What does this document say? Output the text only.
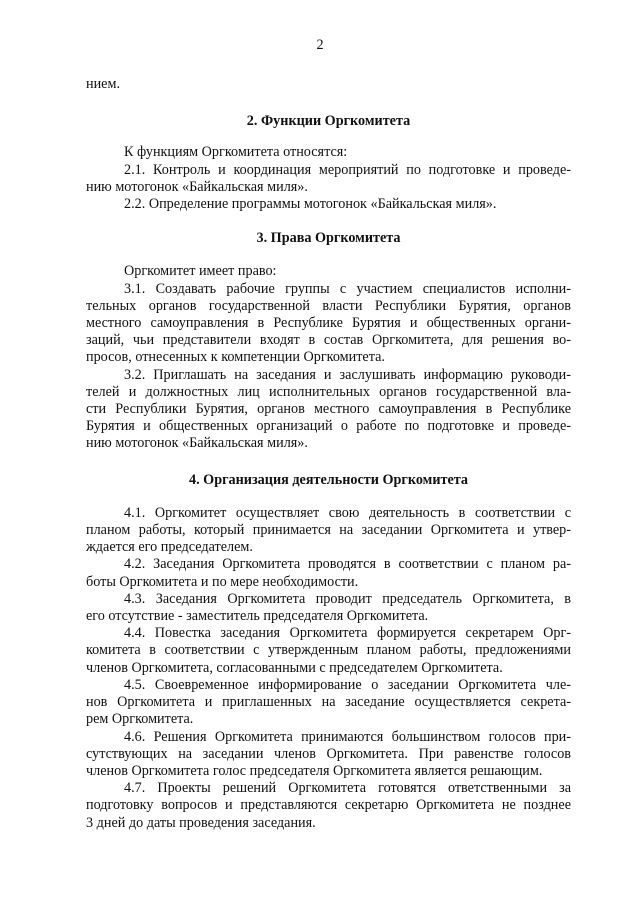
2

нием.

2. Функции Оргкомитета

К функциям Оргкомитета относятся:

2.1. Контроль и координация мероприятий по подготовке и проведе-

нию мотогонок «Байкальская миля».

2.2. Определение программы мотогонок «Байкальская миля».

3. Права Оргкомитета

Оргкомитет имеет право:

3.1. Создавать рабочие группы с участием специалистов исполни-

тельных органов государственной власти Республики Бурятия, органов

местного самоуправления в Республике Бурятия и общественных органи-

заций, чьи представители входят в состав Оргкомитета, для решения во-

просов, отнесенных к компетенции Оргкомитета.

3.2. Приглашать на заседания и заслушивать информацию руководи-

телей и должностных лиц исполнительных органов государственной вла-

сти Республики Бурятия, органов местного самоуправления в Республике

Бурятия и общественных организаций о работе по подготовке и проведе-

нию мотогонок «Байкальская миля».

4. Организация деятельности Оргкомитета

4.1. Оргкомитет осуществляет свою деятельность в соответствии с

планом работы, который принимается на заседании Оргкомитета и утвер-

ждается его председателем.

4.2. Заседания Оргкомитета проводятся в соответствии с планом ра-

боты Оргкомитета и по мере необходимости.

4.3. Заседания Оргкомитета проводит председатель Оргкомитета, в

его отсутствие - заместитель председателя Оргкомитета.

4.4. Повестка заседания Оргкомитета формируется секретарем Орг-

комитета в соответствии с утвержденным планом работы, предложениями

членов Оргкомитета, согласованными с председателем Оргкомитета.

4.5. Своевременное информирование о заседании Оргкомитета чле-

нов Оргкомитета и приглашенных на заседание осуществляется секрета-

рем Оргкомитета.

4.6. Решения Оргкомитета принимаются большинством голосов при-

сутствующих на заседании членов Оргкомитета. При равенстве голосов

членов Оргкомитета голос председателя Оргкомитета является решающим.

4.7. Проекты решений Оргкомитета готовятся ответственными за

подготовку вопросов и представляются секретарю Оргкомитета не позднее

3 дней до даты проведения заседания.
